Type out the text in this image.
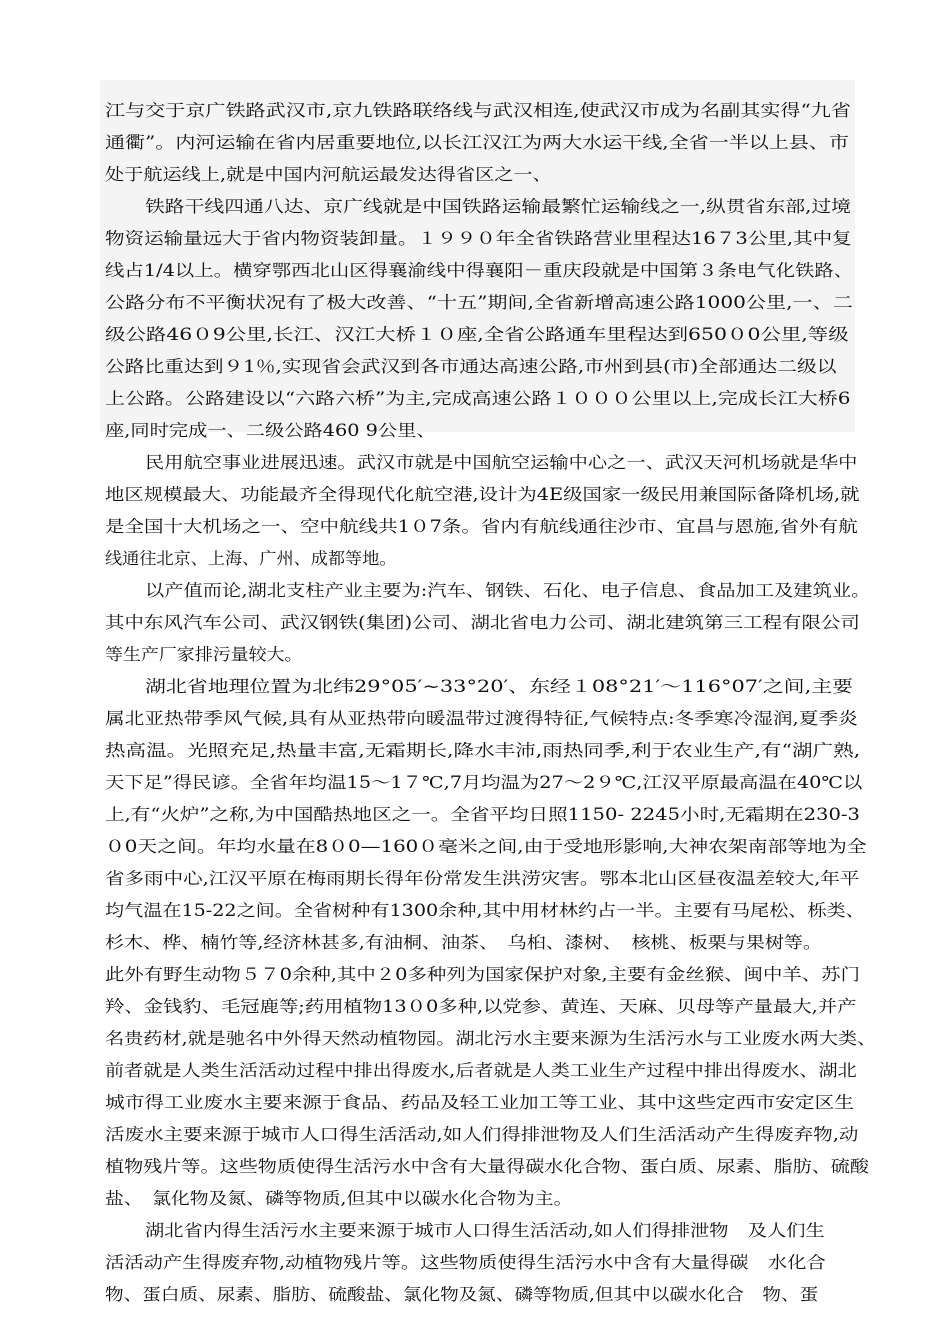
江与交于京广铁路武汉市,京九铁路联络线与武汉相连,使武汉市成为名副其实得“九省
通衢”。内河运输在省内居重要地位,以长江汉江为两大水运干线,全省一半以上县、市
处于航运线上,就是中国内河航运最发达得省区之一、
铁路干线四通八达、京广线就是中国铁路运输最繁忙运输线之一,纵贯省东部,过境
物资运输量远大于省内物资装卸量。１９９０年全省铁路营业里程达16７3公里,其中复
线占1/4以上。横穿鄂西北山区得襄渝线中得襄阳－重庆段就是中国第３条电气化铁路、
公路分布不平衡状况有了极大改善、“十五”期间,全省新增高速公路1000公里,一、二
级公路46０9公里,长江、汉江大桥１０座,全省公路通车里程达到650０0公里,等级
公路比重达到９1％,实现省会武汉到各市通达高速公路,市州到县(市)全部通达二级以
上公路。公路建设以“六路六桥”为主,完成高速公路１０００公里以上,完成长江大桥6
座,同时完成一、二级公路460 9公里、
民用航空事业进展迅速。武汉市就是中国航空运输中心之一、武汉天河机场就是华中
地区规模最大、功能最齐全得现代化航空港,设计为4E级国家一级民用兼国际备降机场,就
是全国十大机场之一、空中航线共1０7条。省内有航线通往沙市、宜昌与恩施,省外有航
线通往北京、上海、广州、成都等地。
以产值而论,湖北支柱产业主要为:汽车、钢铁、石化、电子信息、食品加工及建筑业。
其中东风汽车公司、武汉钢铁(集团)公司、湖北省电力公司、湖北建筑第三工程有限公司
等生产厂家排污量较大。
湖北省地理位置为北纬29°05′~33°20′、东经１08°21′～116°07′之间,主要
属北亚热带季风气候,具有从亚热带向暖温带过渡得特征,气候特点:冬季寒冷湿润,夏季炎
热高温。光照充足,热量丰富,无霜期长,降水丰沛,雨热同季,利于农业生产,有“湖广熟,
天下足”得民谚。全省年均温15～1７℃,7月均温为27～2９℃,江汉平原最高温在40℃以
上,有“火炉”之称,为中国酷热地区之一。全省平均日照1150- 2245小时,无霜期在230-3
０0天之间。年均水量在8０0—160０毫米之间,由于受地形影响,大神农架南部等地为全
省多雨中心,江汉平原在梅雨期长得年份常发生洪涝灾害。鄂本北山区昼夜温差较大,年平
均气温在15-22之间。全省树种有1300余种,其中用材林约占一半。主要有马尾松、栎类、
杉木、桦、楠竹等,经济林甚多,有油桐、油茶、　乌桕、漆树、　核桃、板栗与果树等。
此外有野生动物５７0余种,其中２0多种列为国家保护对象,主要有金丝猴、闽中羊、苏门
羚、金钱豹、毛冠鹿等;药用植物13０0多种,以党参、黄连、天麻、贝母等产量最大,并产
名贵药材,就是驰名中外得天然动植物园。湖北污水主要来源为生活污水与工业废水两大类、
前者就是人类生活活动过程中排出得废水,后者就是人类工业生产过程中排出得废水、湖北
城市得工业废水主要来源于食品、药品及轻工业加工等工业、其中这些定西市安定区生
活废水主要来源于城市人口得生活活动,如人们得排泄物及人们生活活动产生得废弃物,动
植物残片等。这些物质使得生活污水中含有大量得碳水化合物、蛋白质、尿素、脂肪、硫酸
盐、　氯化物及氮、磷等物质,但其中以碳水化合物为主。
湖北省内得生活污水主要来源于城市人口得生活活动,如人们得排泄物　及人们生
活活动产生得废弃物,动植物残片等。这些物质使得生活污水中含有大量得碳　水化合
物、蛋白质、尿素、脂肪、硫酸盐、氯化物及氮、磷等物质,但其中以碳水化合　物、蛋
